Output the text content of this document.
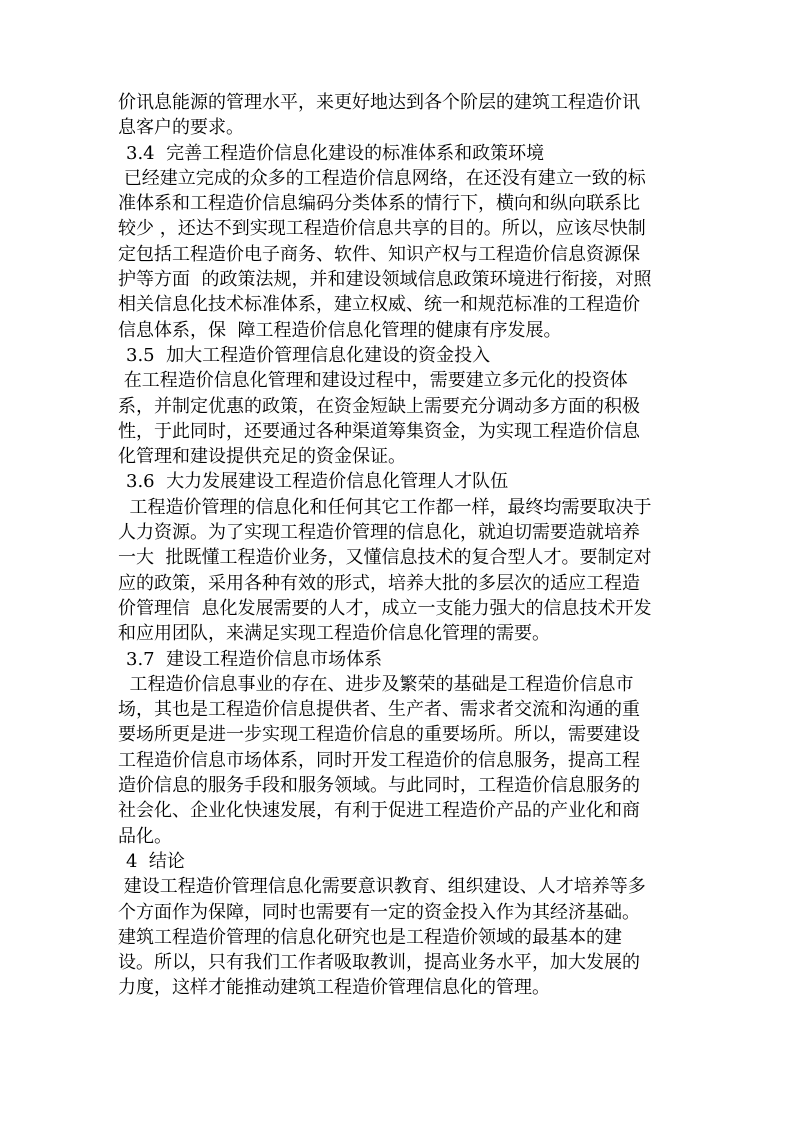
价讯息能源的管理水平，来更好地达到各个阶层的建筑工程造价讯
息客户的要求。
3.4  完善工程造价信息化建设的标准体系和政策环境
已经建立完成的众多的工程造价信息网络，在还没有建立一致的标
准体系和工程造价信息编码分类体系的情行下，横向和纵向联系比
较少 ，还达不到实现工程造价信息共享的目的。所以，应该尽快制
定包括工程造价电子商务、软件、知识产权与工程造价信息资源保
护等方面  的政策法规，并和建设领域信息政策环境进行衔接，对照
相关信息化技术标准体系，建立权威、统一和规范标准的工程造价
信息体系，保  障工程造价信息化管理的健康有序发展。
3.5  加大工程造价管理信息化建设的资金投入
在工程造价信息化管理和建设过程中，需要建立多元化的投资体
系，并制定优惠的政策，在资金短缺上需要充分调动多方面的积极
性，于此同时，还要通过各种渠道筹集资金，为实现工程造价信息
化管理和建设提供充足的资金保证。
3.6  大力发展建设工程造价信息化管理人才队伍
工程造价管理的信息化和任何其它工作都一样，最终均需要取决于
人力资源。为了实现工程造价管理的信息化，就迫切需要造就培养
一大  批既懂工程造价业务，又懂信息技术的复合型人才。要制定对
应的政策，采用各种有效的形式，培养大批的多层次的适应工程造
价管理信  息化发展需要的人才，成立一支能力强大的信息技术开发
和应用团队，来满足实现工程造价信息化管理的需要。
3.7  建设工程造价信息市场体系
工程造价信息事业的存在、进步及繁荣的基础是工程造价信息市
场，其也是工程造价信息提供者、生产者、需求者交流和沟通的重
要场所更是进一步实现工程造价信息的重要场所。所以，需要建设
工程造价信息市场体系，同时开发工程造价的信息服务，提高工程
造价信息的服务手段和服务领域。与此同时，工程造价信息服务的
社会化、企业化快速发展，有利于促进工程造价产品的产业化和商
品化。
4  结论
建设工程造价管理信息化需要意识教育、组织建设、人才培养等多
个方面作为保障，同时也需要有一定的资金投入作为其经济基础。
建筑工程造价管理的信息化研究也是工程造价领域的最基本的建
设。所以，只有我们工作者吸取教训，提高业务水平，加大发展的
力度，这样才能推动建筑工程造价管理信息化的管理。
